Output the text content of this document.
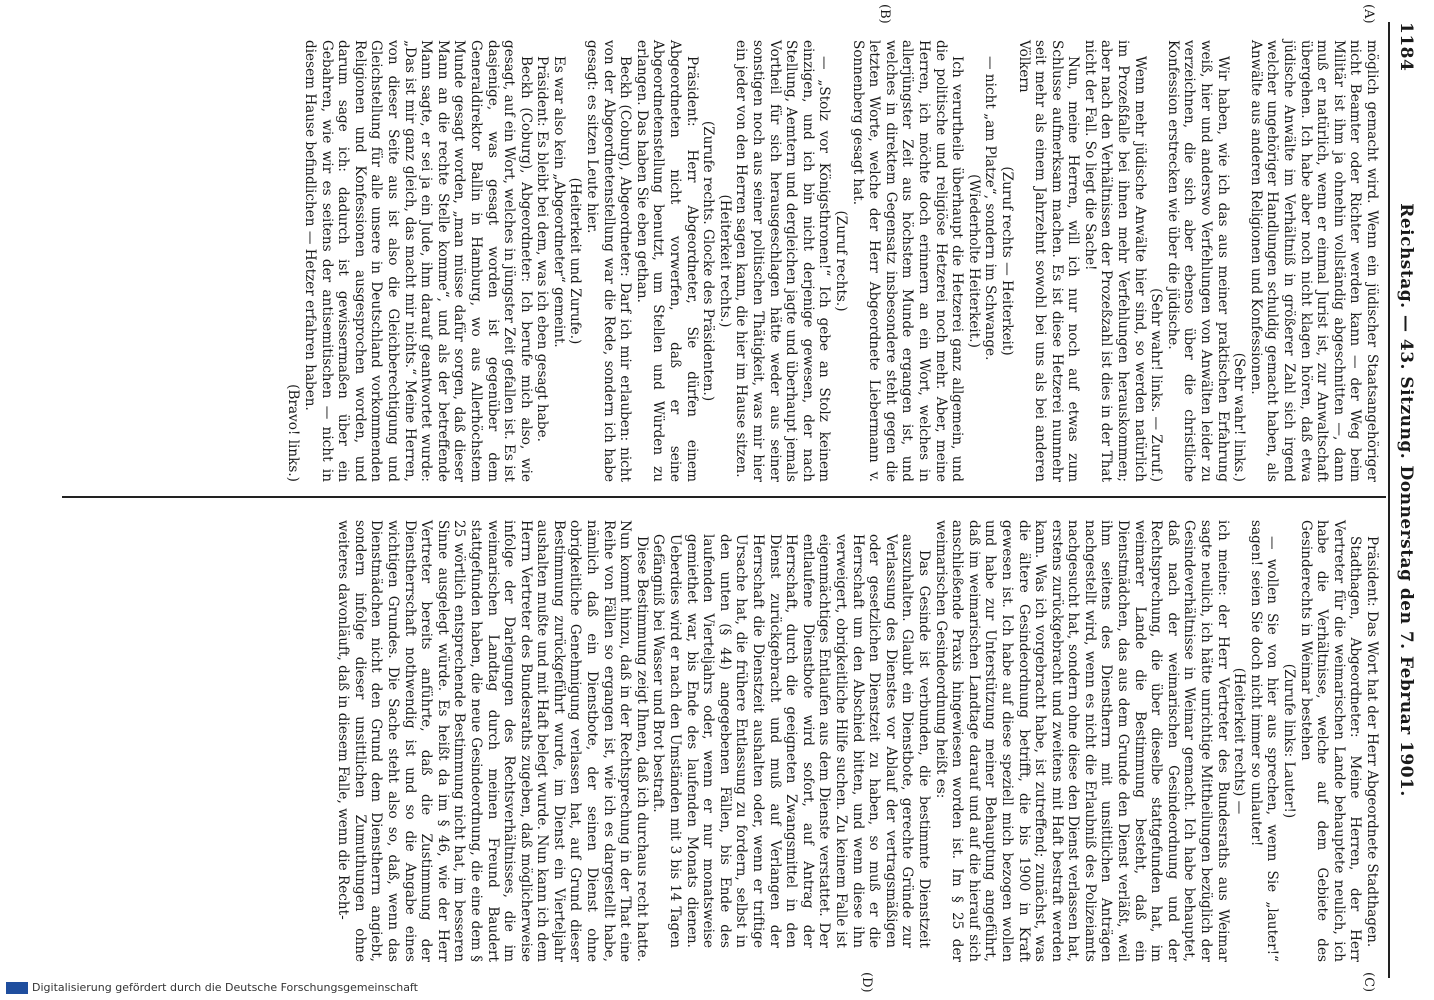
1184
Reichstag. — 43. Sitzung. Donnerstag den 7. Februar 1901.
(A)
(B)
(C)
(D)

möglich gemacht wird. Wenn ein jüdischer Staatsangehöriger nicht Beamter oder Richter werden kann — der Weg beim Militär ist ihm ja ohnehin vollständig abgeschnitten —, dann muß er natürlich, wenn er einmal Jurist ist, zur Anwaltschaft übergehen. Ich habe aber noch nicht klagen hören, daß etwa jüdische Anwälte im Verhältniß in größerer Zahl sich irgend welcher ungehöriger Handlungen schuldig gemacht haben, als Anwälte aus anderen Religionen und Konfessionen.

(Sehr wahr! links.)

Wir haben, wie ich das aus meiner praktischen Erfahrung weiß, hier und anderswo Verfehlungen von Anwälten leider zu verzeichnen, die sich aber ebenso über die christliche Konfession erstrecken wie über die jüdische.

(Sehr wahr! links. — Zuruf.)

Wenn mehr jüdische Anwälte hier sind, so werden natürlich im Prozeßfalle bei ihnen mehr Verfehlungen herauskommen; aber nach den Verhältnissen der Prozeßzahl ist dies in der That nicht der Fall. So liegt die Sache!

Nun, meine Herren, will ich nur noch auf etwas zum Schlusse aufmerksam machen. Es ist diese Hetzerei nunmehr seit mehr als einem Jahrzehnt sowohl bei uns als bei anderen Völkern

(Zuruf rechts — Heiterkeit)

— nicht „am Platze“, sondern im Schwange.

(Wiederholte Heiterkeit.)

Ich verurtheile überhaupt die Hetzerei ganz allgemein, und die politische und religiöse Hetzerei noch mehr. Aber, meine Herren, ich möchte doch erinnern an ein Wort, welches in allerjüngster Zeit aus höchstem Munde ergangen ist, und welches in direktem Gegensatz insbesondere steht gegen die letzten Worte, welche der Herr Abgeordnete Liebermann v. Sonnenberg gesagt hat.

(Zuruf rechts.)

— „Stolz vor Königsthronen!“ Ich gebe an Stolz keinem einzigen, und ich bin nicht derjenige gewesen, der nach Stellung, Aemtern und dergleichen jagte und überhaupt jemals Vortheil für sich herausgeschlagen hätte weder aus seiner sonstigen noch aus seiner politischen Thätigkeit, was mir hier ein jeder von den Herren sagen kann, die hier im Hause sitzen.

(Heiterkeit rechts.)

(Zurufe rechts. Glocke des Präsidenten.)

Präsident: Herr Abgeordneter, Sie dürfen einem Abgeordneten nicht vorwerfen, daß er seine Abgeordnetenstellung benutzt, um Stellen und Würden zu erlangen. Das haben Sie eben gethan.

Beckh (Coburg), Abgeordneter: Darf ich mir erlauben: nicht von der Abgeordnetenstellung war die Rede, sondern ich habe gesagt: es sitzen Leute hier.

(Heiterkeit und Zurufe.)

Es war also kein „Abgeordneter“ gemeint.

Präsident: Es bleibt bei dem, was ich eben gesagt habe.

Beckh (Coburg), Abgeordneter: Ich berufe mich also, wie gesagt, auf ein Wort, welches in jüngster Zeit gefallen ist. Es ist dasjenige, was gesagt worden ist gegenüber dem Generaldirektor Ballin in Hamburg, wo aus Allerhöchstem Munde gesagt worden, „man müsse dafür sorgen, daß dieser Mann an die rechte Stelle komme“, und als der betreffende Mann sagte, er sei ja ein Jude, ihm darauf geantwortet wurde: „Das ist mir ganz gleich, das macht mir nichts.“ Meine Herren, von dieser Seite aus ist also die Gleichberechtigung und Gleichstellung für alle unsere in Deutschland vorkommenden Religionen und Konfessionen ausgesprochen worden, und darum sage ich: dadurch ist gewissermaßen über ein Gebahren, wie wir es seitens der antisemitischen — nicht in diesem Hause befindlichen — Hetzer erfahren haben.

(Bravo! links.)

Präsident: Das Wort hat der Herr Abgeordnete Stadthagen.

Stadthagen, Abgeordneter: Meine Herren, der Herr Vertreter für die weimarischen Lande behauptete neulich, ich habe die Verhältnisse, welche auf dem Gebiete des Gesinderechts in Weimar bestehen

(Zurufe links: Lauter!)

— wollen Sie von hier aus sprechen, wenn Sie „lauter!“ sagen! seien Sie doch nicht immer so unlauter!

(Heiterkeit rechts) —

ich meine: der Herr Vertreter des Bundesraths aus Weimar sagte neulich, ich hätte unrichtige Mittheilungen bezüglich der Gesindeverhältnisse in Weimar gemacht. Ich habe behauptet, daß nach der weimarischen Gesindeordnung und der Rechtsprechung, die über dieselbe stattgefunden hat, im weimarer Lande die Bestimmung besteht, daß ein Dienstmädchen, das aus dem Grunde den Dienst verläßt, weil ihm seitens des Dienstherrn mit unsittlichen Anträgen nachgestellt wird, wenn es nicht die Erlaubniß des Polizeiamts nachgesucht hat, sondern ohne diese den Dienst verlassen hat, erstens zurückgebracht und zweitens mit Haft bestraft werden kann. Was ich vorgebracht habe, ist zutreffend; zunächst, was die ältere Gesindeordnung betrifft, die bis 1900 in Kraft gewesen ist. Ich habe auf diese speziell mich bezogen wollen und habe zur Unterstützung meiner Behauptung angeführt, daß im weimarischen Landtage darauf und auf die hierauf sich anschließende Praxis hingewiesen worden ist. Im § 25 der weimarischen Gesindeordnung heißt es:

Das Gesinde ist verbunden, die bestimmte Dienstzeit auszuhalten. Glaubt ein Dienstbote, gerechte Gründe zur Verlassung des Dienstes vor Ablauf der vertragsmäßigen oder gesetzlichen Dienstzeit zu haben, so muß er die Herrschaft um den Abschied bitten, und wenn diese ihn verweigert, obrigkeitliche Hilfe suchen. Zu keinem Falle ist eigenmächtiges Entlaufen aus dem Dienste verstattet. Der entlaufene Dienstbote wird sofort, auf Antrag der Herrschaft, durch die geeigneten Zwangsmittel in den Dienst zurückgebracht und muß auf Verlangen der Herrschaft die Dienstzeit aushalten oder, wenn er triftige Ursache hat, die frühere Entlassung zu fordern, selbst in den unten (§ 44) angegebenen Fällen, bis Ende des laufenden Vierteljahrs oder, wenn er nur monatsweise gemiethet war, bis Ende des laufenden Monats dienen. Ueberdies wird er nach den Umständen mit 3 bis 14 Tagen Gefängniß bei Wasser und Brot bestraft.

Diese Bestimmung zeigt Ihnen, daß ich durchaus recht hatte. Nun kommt hinzu, daß in der Rechtsprechung in der That eine Reihe von Fällen so ergangen ist, wie ich es dargestellt habe, nämlich daß ein Dienstbote, der seinen Dienst ohne obrigkeitliche Genehmigung verlassen hat, auf Grund dieser Bestimmung zurückgeführt wurde, im Dienst ein Vierteljahr aushalten mußte und mit Haft belegt wurde. Nun kann ich dem Herrn Vertreter des Bundesraths zugeben, daß möglicherweise infolge der Darlegungen des Rechtsverhältnisses, die im weimarischen Landtag durch meinen Freund Baudert stattgefunden haben, die neue Gesindeordnung, die eine dem § 25 wörtlich entsprechende Bestimmung nicht hat, im besseren Sinne ausgelegt würde. Es heißt da im § 46, wie der Herr Vertreter bereits anführte, daß die Zustimmung der Dienstherrschaft nothwendig ist und so die Angabe eines wichtigen Grundes. Die Sache steht also so, daß, wenn das Dienstmädchen nicht den Grund dem Dienstherrn angiebt, sondern infolge dieser unsittlichen Zumuthungen ohne weiteres davonläuft, daß in diesem Falle, wenn die Recht-

Digitalisierung gefördert durch die Deutsche Forschungsgemeinschaft
